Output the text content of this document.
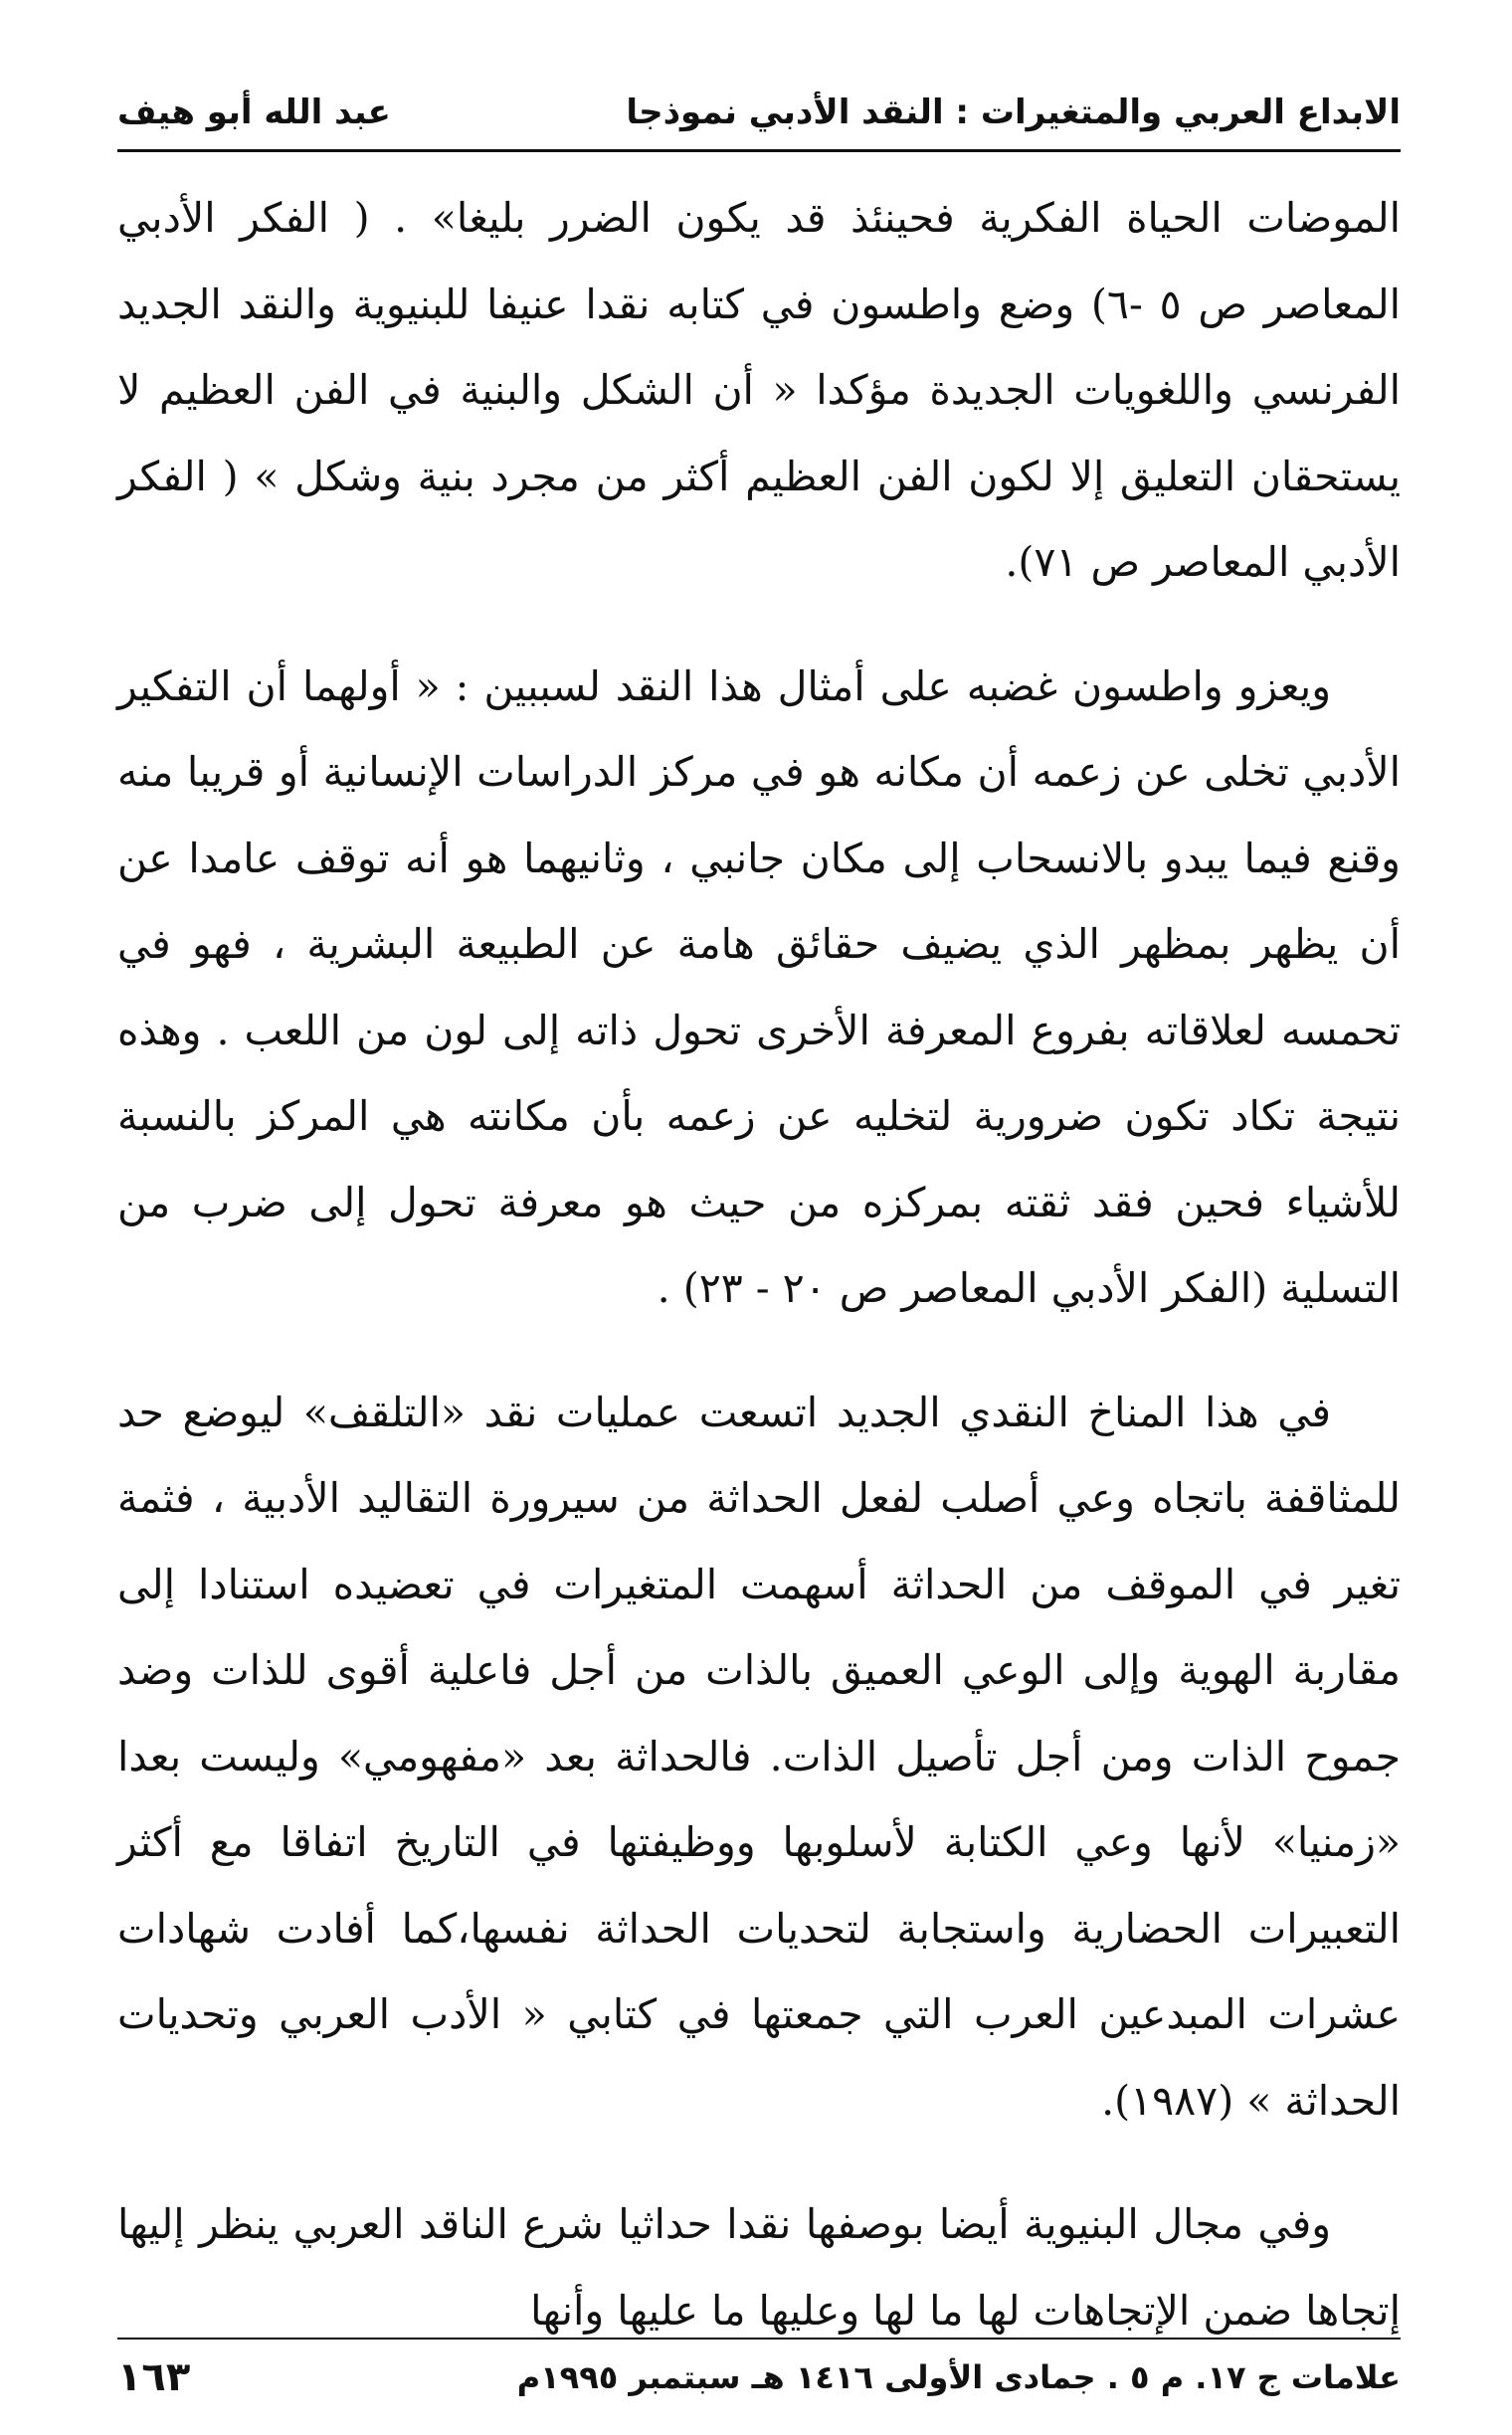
الابداع العربي والمتغيرات : النقد الأدبي نموذجا
عبد الله أبو هيف

الموضات الحياة الفكرية فحينئذ قد يكون الضرر بليغا» . ( الفكر الأدبي المعاصر ص ٥ -٦) وضع واطسون في كتابه نقدا عنيفا للبنيوية والنقد الجديد الفرنسي واللغويات الجديدة مؤكدا « أن الشكل والبنية في الفن العظيم لا يستحقان التعليق إلا لكون الفن العظيم أكثر من مجرد بنية وشكل » ( الفكر الأدبي المعاصر ص ٧١).

ويعزو واطسون غضبه على أمثال هذا النقد لسببين : « أولهما أن التفكير الأدبي تخلى عن زعمه أن مكانه هو في مركز الدراسات الإنسانية أو قريبا منه وقنع فيما يبدو بالانسحاب إلى مكان جانبي ، وثانيهما هو أنه توقف عامدا عن أن يظهر بمظهر الذي يضيف حقائق هامة عن الطبيعة البشرية ، فهو في تحمسه لعلاقاته بفروع المعرفة الأخرى تحول ذاته إلى لون من اللعب . وهذه نتيجة تكاد تكون ضرورية لتخليه عن زعمه بأن مكانته هي المركز بالنسبة للأشياء فحين فقد ثقته بمركزه من حيث هو معرفة تحول إلى ضرب من التسلية (الفكر الأدبي المعاصر ص ٢٠ - ٢٣) .

في هذا المناخ النقدي الجديد اتسعت عمليات نقد «التلقف» ليوضع حد للمثاقفة باتجاه وعي أصلب لفعل الحداثة من سيرورة التقاليد الأدبية ، فثمة تغير في الموقف من الحداثة أسهمت المتغيرات في تعضيده استنادا إلى مقاربة الهوية وإلى الوعي العميق بالذات من أجل فاعلية أقوى للذات وضد جموح الذات ومن أجل تأصيل الذات. فالحداثة بعد «مفهومي» وليست بعدا «زمنيا» لأنها وعي الكتابة لأسلوبها ووظيفتها في التاريخ اتفاقا مع أكثر التعبيرات الحضارية واستجابة لتحديات الحداثة نفسها،كما أفادت شهادات عشرات المبدعين العرب التي جمعتها في كتابي « الأدب العربي وتحديات الحداثة » (١٩٨٧).

وفي مجال البنيوية أيضا بوصفها نقدا حداثيا شرع الناقد العربي ينظر إليها إتجاها ضمن الإتجاهات لها ما لها وعليها ما عليها وأنها

علامات ج ١٧. م ٥ . جمادى الأولى ١٤١٦ هـ سبتمبر ١٩٩٥م
١٦٣
